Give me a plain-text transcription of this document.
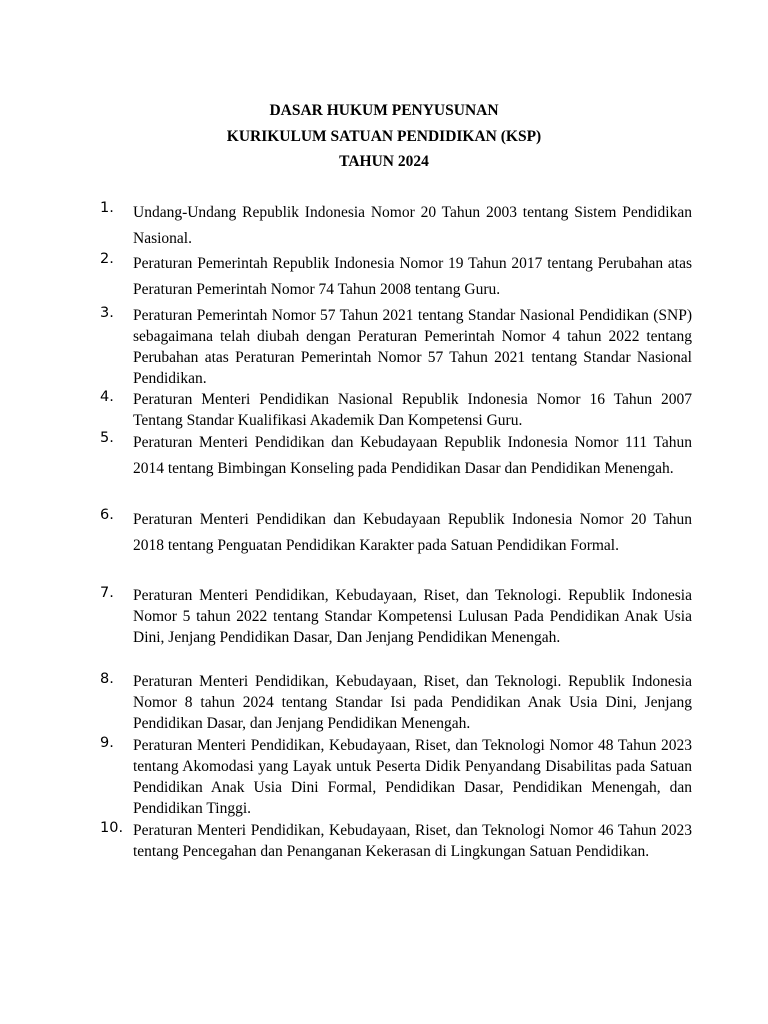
DASAR HUKUM PENYUSUNAN
KURIKULUM SATUAN PENDIDIKAN (KSP)
TAHUN 2024
1.	Undang-Undang Republik Indonesia Nomor 20 Tahun 2003 tentang Sistem Pendidikan Nasional.
2.	Peraturan Pemerintah Republik Indonesia Nomor 19 Tahun 2017 tentang Perubahan atas Peraturan Pemerintah Nomor 74 Tahun 2008 tentang Guru.
3.	Peraturan Pemerintah Nomor 57 Tahun 2021 tentang Standar Nasional Pendidikan (SNP) sebagaimana telah diubah dengan Peraturan Pemerintah Nomor 4 tahun 2022 tentang Perubahan atas Peraturan Pemerintah Nomor 57 Tahun 2021 tentang Standar Nasional Pendidikan.
4.	Peraturan Menteri Pendidikan Nasional Republik Indonesia Nomor 16 Tahun 2007 Tentang Standar Kualifikasi Akademik Dan Kompetensi Guru.
5.	Peraturan Menteri Pendidikan dan Kebudayaan Republik Indonesia Nomor 111 Tahun 2014 tentang Bimbingan Konseling pada Pendidikan Dasar dan Pendidikan Menengah.
6.	Peraturan Menteri Pendidikan dan Kebudayaan Republik Indonesia Nomor 20 Tahun 2018 tentang Penguatan Pendidikan Karakter pada Satuan Pendidikan Formal.
7.	Peraturan Menteri Pendidikan, Kebudayaan, Riset, dan Teknologi. Republik Indonesia Nomor 5 tahun 2022 tentang Standar Kompetensi Lulusan Pada Pendidikan Anak Usia Dini, Jenjang Pendidikan Dasar, Dan Jenjang Pendidikan Menengah.
8.	Peraturan Menteri Pendidikan, Kebudayaan, Riset, dan Teknologi. Republik Indonesia Nomor 8 tahun 2024 tentang Standar Isi pada Pendidikan Anak Usia Dini, Jenjang Pendidikan Dasar, dan Jenjang Pendidikan Menengah.
9.	Peraturan Menteri Pendidikan, Kebudayaan, Riset, dan Teknologi Nomor 48 Tahun 2023 tentang Akomodasi yang Layak untuk Peserta Didik Penyandang Disabilitas pada Satuan Pendidikan Anak Usia Dini Formal, Pendidikan Dasar, Pendidikan Menengah, dan Pendidikan Tinggi.
10. Peraturan Menteri Pendidikan, Kebudayaan, Riset, dan Teknologi Nomor 46 Tahun 2023 tentang Pencegahan dan Penanganan Kekerasan di Lingkungan Satuan Pendidikan.
